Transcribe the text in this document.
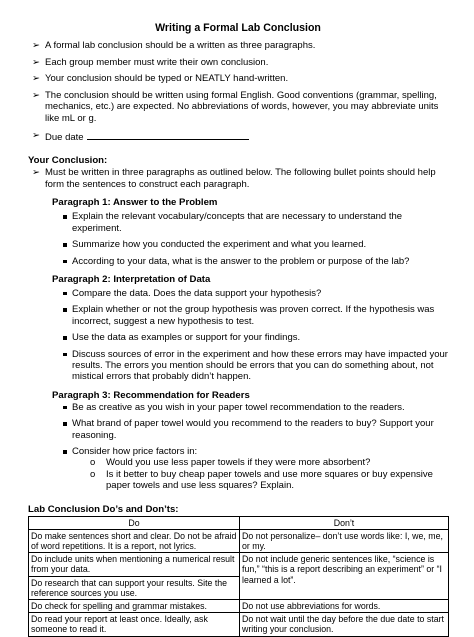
Writing a Formal Lab Conclusion
➢ A formal lab conclusion should be a written as three paragraphs.
➢ Each group member must write their own conclusion.
➢ Your conclusion should be typed or NEATLY hand-written.
➢ The conclusion should be written using formal English. Good conventions (grammar, spelling, mechanics, etc.) are expected. No abbreviations of words, however, you may abbreviate units like mL or g.
➢ Due date
Your Conclusion:
➢ Must be written in three paragraphs as outlined below. The following bullet points should help form the sentences to construct each paragraph.
Paragraph 1: Answer to the Problem
Explain the relevant vocabulary/concepts that are necessary to understand the experiment.
Summarize how you conducted the experiment and what you learned.
According to your data, what is the answer to the problem or purpose of the lab?
Paragraph 2: Interpretation of Data
Compare the data. Does the data support your hypothesis?
Explain whether or not the group hypothesis was proven correct. If the hypothesis was incorrect, suggest a new hypothesis to test.
Use the data as examples or support for your findings.
Discuss sources of error in the experiment and how these errors may have impacted your results. The errors you mention should be errors that you can do something about, not mistical errors that probably didn’t happen.
Paragraph 3: Recommendation for Readers
Be as creative as you wish in your paper towel recommendation to the readers.
What brand of paper towel would you recommend to the readers to buy? Support your reasoning.
Consider how price factors in:
o Would you use less paper towels if they were more absorbent?
o Is it better to buy cheap paper towels and use more squares or buy expensive paper towels and use less squares? Explain.
Lab Conclusion Do’s and Don’ts:
Do	Don’t
Do make sentences short and clear. Do not be afraid of word repetitions. It is a report, not lyrics.	Do not personalize– don’t use words like: I, we, me, or my.
Do include units when mentioning a numerical result from your data.	Do not include generic sentences like, “science is fun,” “this is a report describing an experiment” or “I learned a lot”.
Do research that can support your results. Site the reference sources you use.	
Do check for spelling and grammar mistakes.	Do not use abbreviations for words.
Do read your report at least once. Ideally, ask someone to read it.	Do not wait until the day before the due date to start writing your conclusion.
